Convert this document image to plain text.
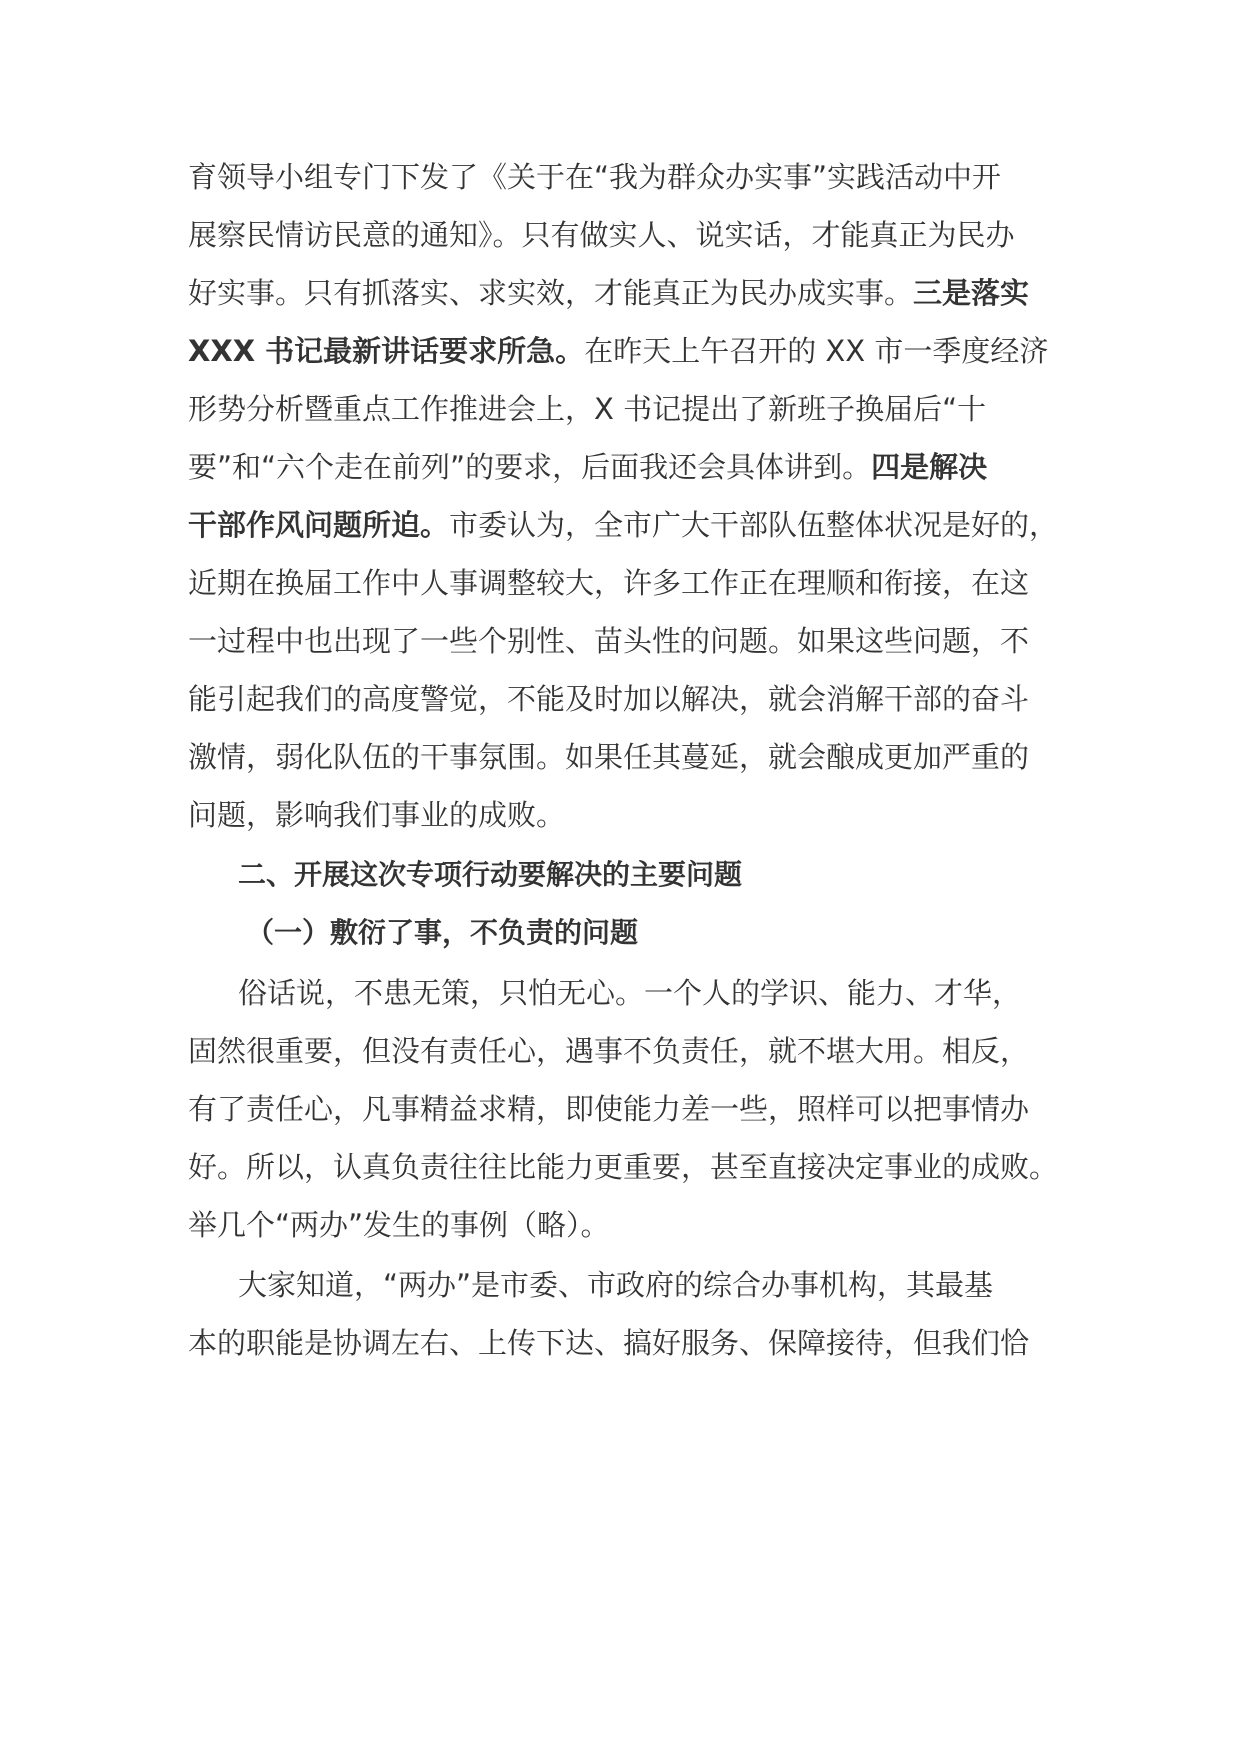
育领导小组专门下发了《关于在“我为群众办实事”实践活动中开
展察民情访民意的通知》。只有做实人、说实话，才能真正为民办
好实事。只有抓落实、求实效，才能真正为民办成实事。三是落实
XXX 书记最新讲话要求所急。在昨天上午召开的 XX 市一季度经济
形势分析暨重点工作推进会上，X 书记提出了新班子换届后“十
要”和“六个走在前列”的要求，后面我还会具体讲到。四是解决
干部作风问题所迫。市委认为，全市广大干部队伍整体状况是好的，
近期在换届工作中人事调整较大，许多工作正在理顺和衔接，在这
一过程中也出现了一些个别性、苗头性的问题。如果这些问题，不
能引起我们的高度警觉，不能及时加以解决，就会消解干部的奋斗
激情，弱化队伍的干事氛围。如果任其蔓延，就会酿成更加严重的
问题，影响我们事业的成败。
二、开展这次专项行动要解决的主要问题
（一）敷衍了事，不负责的问题
俗话说，不患无策，只怕无心。一个人的学识、能力、才华，
固然很重要，但没有责任心，遇事不负责任，就不堪大用。相反，
有了责任心，凡事精益求精，即使能力差一些，照样可以把事情办
好。所以，认真负责往往比能力更重要，甚至直接决定事业的成败。
举几个“两办”发生的事例（略）。
大家知道，“两办”是市委、市政府的综合办事机构，其最基
本的职能是协调左右、上传下达、搞好服务、保障接待，但我们恰
